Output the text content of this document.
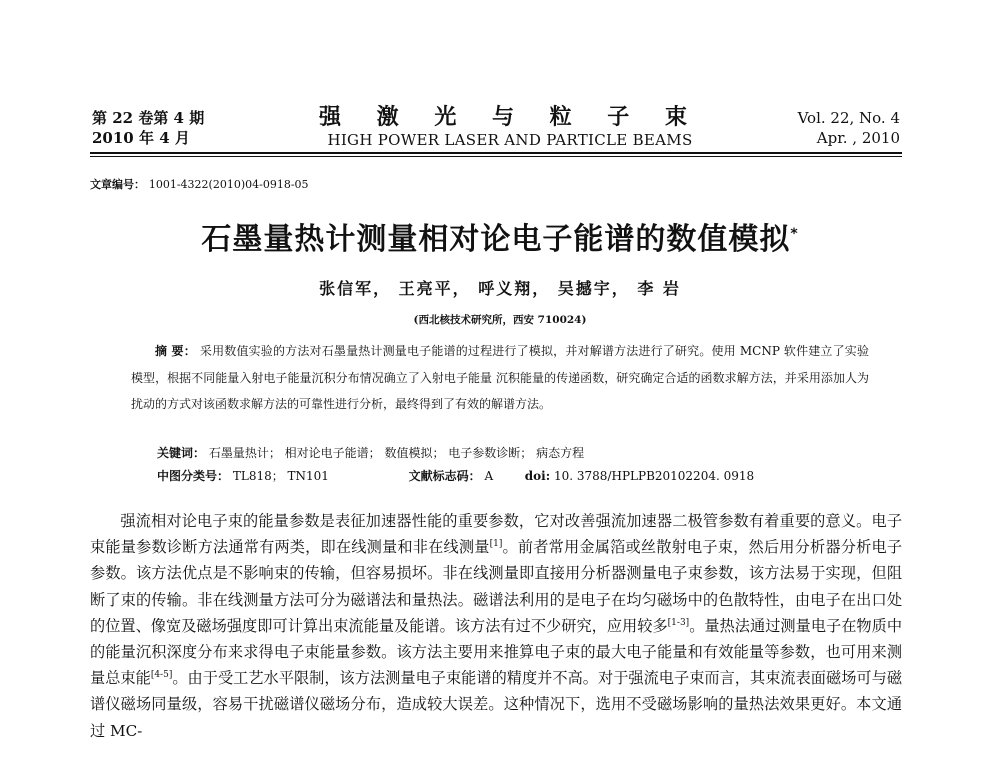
第 22 卷第 4 期
2010 年 4 月
强 激 光 与 粒 子 束
HIGH POWER LASER AND PARTICLE BEAMS
Vol. 22, No. 4
Apr. , 2010
文章编号： 1001-4322(2010)04-0918-05
石墨量热计测量相对论电子能谱的数值模拟*
张信军， 王亮平， 呼义翔， 吴撼宇， 李 岩
(西北核技术研究所，西安 710024)
摘 要： 采用数值实验的方法对石墨量热计测量电子能谱的过程进行了模拟，并对解谱方法进行了研究。使用 MCNP 软件建立了实验模型，根据不同能量入射电子能量沉积分布情况确立了入射电子能量 沉积能量的传递函数，研究确定合适的函数求解方法，并采用添加人为扰动的方式对该函数求解方法的可靠性进行分析，最终得到了有效的解谱方法。
关键词： 石墨量热计； 相对论电子能谱； 数值模拟； 电子参数诊断； 病态方程
中图分类号： TL818； TN101	文献标志码： A	doi: 10. 3788/HPLPB20102204. 0918

强流相对论电子束的能量参数是表征加速器性能的重要参数，它对改善强流加速器二极管参数有着重要的意义。电子束能量参数诊断方法通常有两类，即在线测量和非在线测量[1]。前者常用金属箔或丝散射电子束，然后用分析器分析电子参数。该方法优点是不影响束的传输，但容易损坏。非在线测量即直接用分析器测量电子束参数，该方法易于实现，但阻断了束的传输。非在线测量方法可分为磁谱法和量热法。磁谱法利用的是电子在均匀磁场中的色散特性，由电子在出口处的位置、像宽及磁场强度即可计算出束流能量及能谱。该方法有过不少研究，应用较多[1-3]。量热法通过测量电子在物质中的能量沉积深度分布来求得电子束能量参数。该方法主要用来推算电子束的最大电子能量和有效能量等参数，也可用来测量总束能[4-5]。由于受工艺水平限制，该方法测量电子束能谱的精度并不高。对于强流电子束而言，其束流表面磁场可与磁谱仪磁场同量级，容易干扰磁谱仪磁场分布，造成较大误差。这种情况下，选用不受磁场影响的量热法效果更好。本文通过 MC-
